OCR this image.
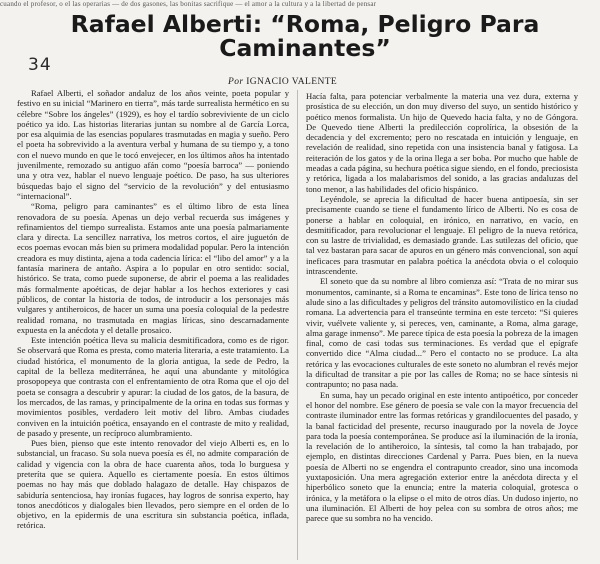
cuando el profesor, o el las operarias — de dos gasones, las bonitas sacrifique — el amor a la cultura y a la libertad de pensar
Rafael Alberti: “Roma, Peligro Para
Caminantes”
34
Por IGNACIO VALENTE

Rafael Alberti, el soñador andaluz de los años veinte, poeta popular y festivo en su inicial “Marinero en tierra”, más tarde surrealista hermético en su célebre “Sobre los ángeles” (1929), es hoy el tardío sobreviviente de un ciclo poético ya ido. Las historias literarias juntan su nombre al de García Lorca, por esa alquimia de las esencias populares trasmutadas en magia y sueño. Pero el poeta ha sobrevivido a la aventura verbal y humana de su tiempo y, a tono con el nuevo mundo en que le tocó envejecer, en los últimos años ha intentado juvenilmente, remozado su antiguo afán como “poesía barroca” — poniendo una y otra vez, hablar el nuevo lenguaje poético. De paso, ha sus ulteriores búsquedas bajo el signo del “servicio de la revolución” y del entusiasmo “internacional”.

“Roma, peligro para caminantes” es el último libro de esta línea renovadora de su poesía. Apenas un dejo verbal recuerda sus imágenes y refinamientos del tiempo surrealista. Estamos ante una poesía palmariamente clara y directa. La sencillez narrativa, los metros cortos, el aire juguetón de ecos poemas evocan más bien su primera modalidad popular. Pero la intención creadora es muy distinta, ajena a toda cadencia lírica: el “libo del amor” y a la fantasía marinera de antaño. Aspira a lo popular en otro sentido: social, histórico. Se trata, como puede suponerse, de abrir el poema a las realidades más formalmente apoéticas, de dejar hablar a los hechos exteriores y casi públicos, de contar la historia de todos, de introducir a los personajes más vulgares y antiheroicos, de hacer un suma una poesía coloquial de la pedestre realidad romana, no trasmutada en magias líricas, sino descarnadamente expuesta en la anécdota y el detalle prosaico.

Este intención poética lleva su malicia desmitificadora, como es de rigor. Se observará que Roma es presta, como materia literaria, a este tratamiento. La ciudad histórica, el monumento de la gloria antigua, la sede de Pedro, la capital de la belleza mediterránea, he aquí una abundante y mitológica prosopopeya que contrasta con el enfrentamiento de otra Roma que el ojo del poeta se consagra a descubrir y apurar: la ciudad de los gatos, de la basura, de los mercados, de las ramas, y principalmente de la orina en todas sus formas y movimientos posibles, verdadero leit motiv del libro. Ambas ciudades conviven en la intuición poética, ensayando en el contraste de mito y realidad, de pasado y presente, un recíproco alumbramiento.

Pues bien, pienso que este intento renovador del viejo Alberti es, en lo substancial, un fracaso. Su sola nueva poesía es él, no admite comparación de calidad y vigencia con la obra de hace cuarenta años, toda lo burguesa y preteríta que se quiera. Aquello es ciertamente poesía. En estos últimos poemas no hay más que doblado halagazo de detalle. Hay chispazos de sabiduría sentenciosa, hay ironías fugaces, hay logros de sonrisa experto, hay tonos anecdóticos y dialogales bien llevados, pero siempre en el orden de lo objetivo, en la epidermis de una escritura sin substancia poética, inflada, retórica.

Hacía falta, para potenciar verbalmente la materia una vez dura, externa y prosística de su elección, un don muy diverso del suyo, un sentido histórico y poético menos formalista. Un hijo de Quevedo hacia falta, y no de Góngora. De Quevedo tiene Alberti la predilección coprolírica, la obsesión de la decadencia y del excremento; pero no rescatada en intuición y lenguaje, en revelación de realidad, sino repetida con una insistencia banal y fatigosa. La reiteración de los gatos y de la orina llega a ser boba. Por mucho que hable de meadas a cada página, su hechura poética sigue siendo, en el fondo, preciosista y retórica, ligada a los malabarismos del sonido, a las gracias andaluzas del tono menor, a las habilidades del oficio hispánico.

Leyéndole, se aprecia la dificultad de hacer buena antipoesía, sin ser precisamente cuando se tiene el fundamento lírico de Alberti. No es cosa de ponerse a hablar en coloquial, en irónico, en narrativo, en vacío, en desmitificador, para revolucionar el lenguaje. El peligro de la nueva retórica, con su lastre de trivialidad, es demasiado grande. Las sutilezas del oficio, que tal vez bastaran para sacar de apuros en un género más convencional, son aquí ineficaces para trasmutar en palabra poética la anécdota obvia o el coloquio intrascendente.

El soneto que da su nombre al libro comienza así: “Trata de no mirar sus monumentos, caminante, si a Roma te encaminas”. Este tono de lírica tenso no alude sino a las dificultades y peligros del tránsito automovilístico en la ciudad romana. La advertencia para el transeúnte termina en este terceto: “Si quieres vivir, vuélvete valiente y, si pereces, ven, caminante, a Roma, alma garage, alma garage inmenso”. Me parece típica de esta poesía la pobreza de la imagen final, como de casi todas sus terminaciones. Es verdad que el epígrafe convertido dice “Alma ciudad...” Pero el contacto no se produce. La alta retórica y las evocaciones culturales de este soneto no alumbran el revés mejor la dificultad de transitar a pie por las calles de Roma; no se hace síntesis ni contrapunto; no pasa nada.

En suma, hay un pecado original en este intento antipoético, por conceder el honor del nombre. Ese género de poesía se vale con la mayor frecuencia del contraste iluminador entre las formas retóricas y grandilocuentes del pasado, y la banal facticidad del presente, recurso inaugurado por la novela de Joyce para toda la poesía contemporánea. Se produce así la iluminación de la ironía, la revelación de lo antiheroico, la síntesis, tal como la han trabajado, por ejemplo, en distintas direcciones Cardenal y Parra. Pues bien, en la nueva poesía de Alberti no se engendra el contrapunto creador, sino una incomoda yuxtaposición. Una mera agregación exterior entre la anécdota directa y el hiperbólico soneto que la enuncia; entre la materia coloquial, grotesca o irónica, y la metáfora o la elipse o el mito de otros días. Un dudoso injerto, no una iluminación. El Alberti de hoy pelea con su sombra de otros años; me parece que su sombra no ha vencido.
